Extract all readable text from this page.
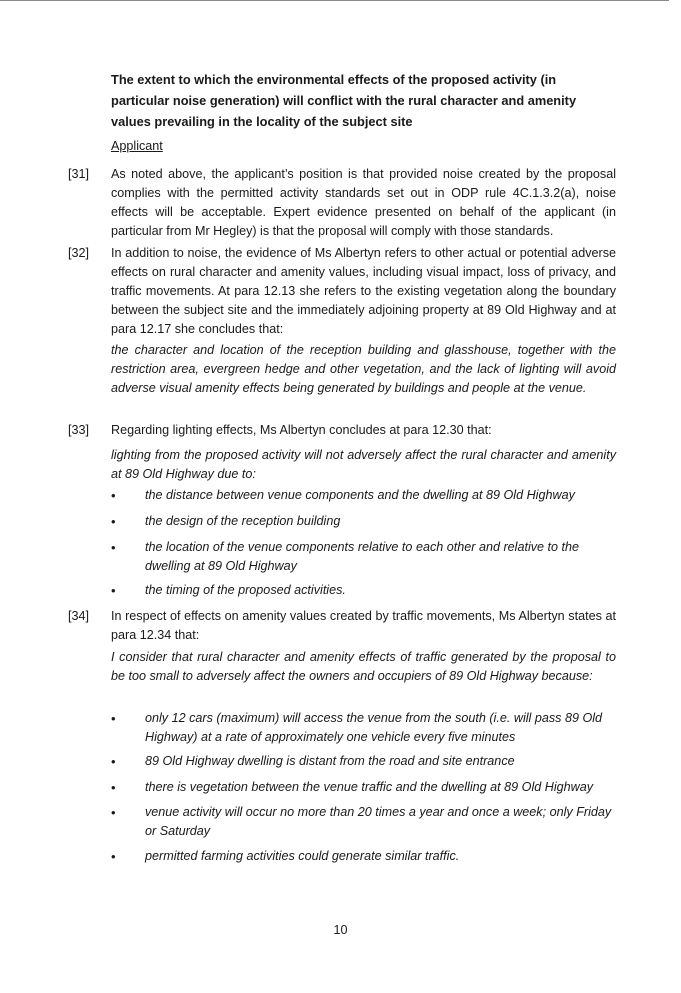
The extent to which the environmental effects of the proposed activity (in particular noise generation) will conflict with the rural character and amenity values prevailing in the locality of the subject site
Applicant
[31] As noted above, the applicant’s position is that provided noise created by the proposal complies with the permitted activity standards set out in ODP rule 4C.1.3.2(a), noise effects will be acceptable. Expert evidence presented on behalf of the applicant (in particular from Mr Hegley) is that the proposal will comply with those standards.
[32] In addition to noise, the evidence of Ms Albertyn refers to other actual or potential adverse effects on rural character and amenity values, including visual impact, loss of privacy, and traffic movements. At para 12.13 she refers to the existing vegetation along the boundary between the subject site and the immediately adjoining property at 89 Old Highway and at para 12.17 she concludes that:
the character and location of the reception building and glasshouse, together with the restriction area, evergreen hedge and other vegetation, and the lack of lighting will avoid adverse visual amenity effects being generated by buildings and people at the venue.
[33] Regarding lighting effects, Ms Albertyn concludes at para 12.30 that:
lighting from the proposed activity will not adversely affect the rural character and amenity at 89 Old Highway due to:
• the distance between venue components and the dwelling at 89 Old Highway
• the design of the reception building
• the location of the venue components relative to each other and relative to the dwelling at 89 Old Highway
• the timing of the proposed activities.
[34] In respect of effects on amenity values created by traffic movements, Ms Albertyn states at para 12.34 that:
I consider that rural character and amenity effects of traffic generated by the proposal to be too small to adversely affect the owners and occupiers of 89 Old Highway because:
• only 12 cars (maximum) will access the venue from the south (i.e. will pass 89 Old Highway) at a rate of approximately one vehicle every five minutes
• 89 Old Highway dwelling is distant from the road and site entrance
• there is vegetation between the venue traffic and the dwelling at 89 Old Highway
• venue activity will occur no more than 20 times a year and once a week; only Friday or Saturday
• permitted farming activities could generate similar traffic.
10
